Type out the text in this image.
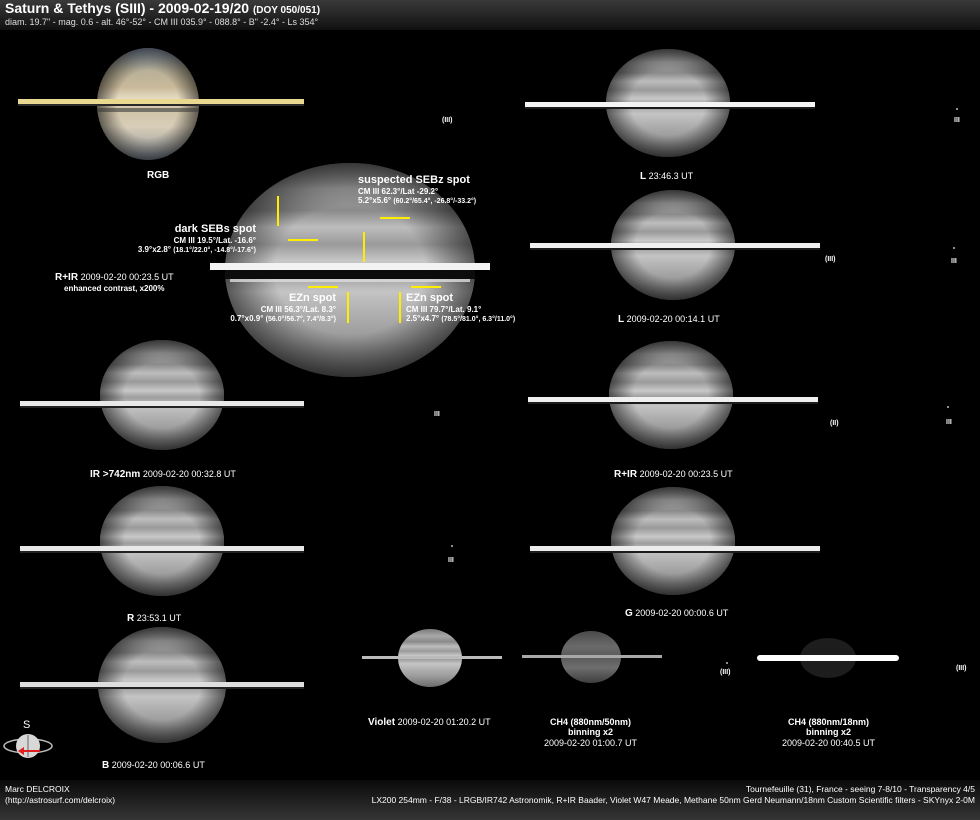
Saturn & Tethys (SIII) - 2009-02-19/20 (DOY 050/051)
diam. 19.7" - mag. 0.6 - alt. 46°-52° - CM III 035.9° - 088.8° - B" -2.4° - Ls 354°
RGB
R+IR 2009-02-20 00:23.5 UT
enhanced contrast, x200%
IR >742nm 2009-02-20 00:32.8 UT
R 23:53.1 UT
B 2009-02-20 00:06.6 UT
L 23:46.3 UT
L 2009-02-20 00:14.1 UT
R+IR 2009-02-20 00:23.5 UT
G 2009-02-20 00:00.6 UT
Violet 2009-02-20 01:20.2 UT	CH4 (880nm/50nm)
binning x2
2009-02-20 01:00.7 UT
CH4 (880nm/18nm)
binning x2
2009-02-20 00:40.5 UT
(III)	III
(III)	III
(II)	III
III
III
(III)
(III)
suspected SEBz spot
CM III 62.3°/Lat -29.2°
5.2°x5.6° (60.2°/65.4°, -26.8°/-33.2°)
dark SEBs spot
CM III 19.5°/Lat. -16.6°
3.9°x2.8° (18.1°/22.0°, -14.8°/-17.6°)
EZn spot
CM III 56.3°/Lat. 8.3°
0.7°x0.9° (56.0°/56.7°, 7.4°/8.3°)
EZn spot
CM III 79.7°/Lat. 9.1°
2.5°x4.7° (78.5°/81.0°, 6.3°/11.0°)
S
Marc DELCROIX
(http://astrosurf.com/delcroix)
Tournefeuille (31), France - seeing 7-8/10 - Transparency 4/5
LX200 254mm - F/38 - LRGB/IR742 Astronomik, R+IR Baader, Violet W47 Meade, Methane 50nm Gerd Neumann/18nm Custom Scientific filters - SKYnyx 2-0M
